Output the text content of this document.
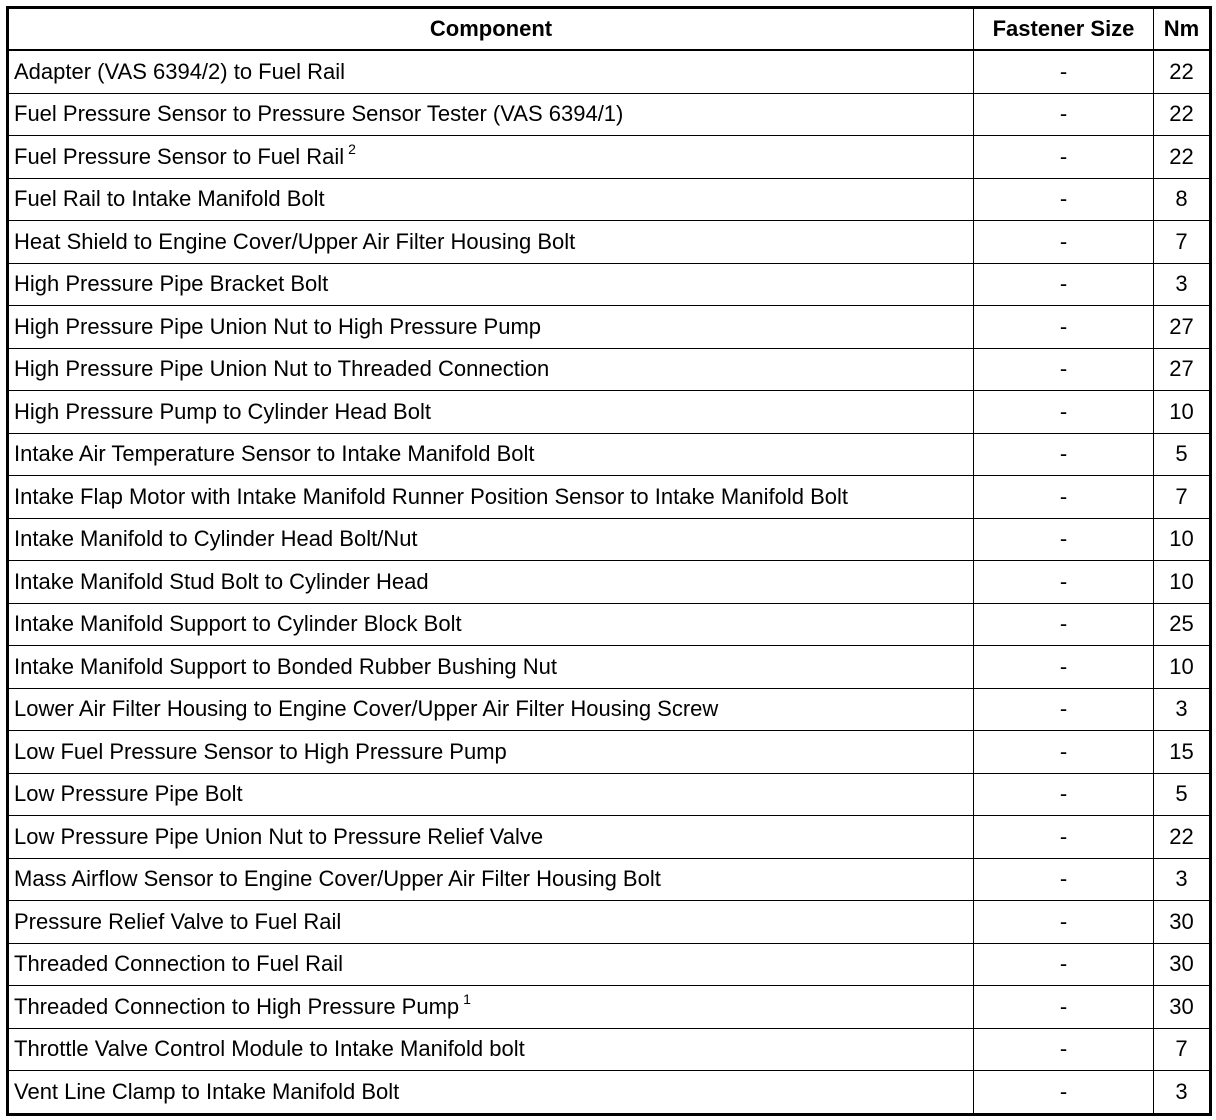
Component	Fastener Size	Nm
Adapter (VAS 6394/2) to Fuel Rail	-	22
Fuel Pressure Sensor to Pressure Sensor Tester (VAS 6394/1)	-	22
Fuel Pressure Sensor to Fuel Rail $^2$	-	22
Fuel Rail to Intake Manifold Bolt	-	8
Heat Shield to Engine Cover/Upper Air Filter Housing Bolt	-	7
High Pressure Pipe Bracket Bolt	-	3
High Pressure Pipe Union Nut to High Pressure Pump	-	27
High Pressure Pipe Union Nut to Threaded Connection	-	27
High Pressure Pump to Cylinder Head Bolt	-	10
Intake Air Temperature Sensor to Intake Manifold Bolt	-	5
Intake Flap Motor with Intake Manifold Runner Position Sensor to Intake Manifold Bolt	-	7
Intake Manifold to Cylinder Head Bolt/Nut	-	10
Intake Manifold Stud Bolt to Cylinder Head	-	10
Intake Manifold Support to Cylinder Block Bolt	-	25
Intake Manifold Support to Bonded Rubber Bushing Nut	-	10
Lower Air Filter Housing to Engine Cover/Upper Air Filter Housing Screw	-	3
Low Fuel Pressure Sensor to High Pressure Pump	-	15
Low Pressure Pipe Bolt	-	5
Low Pressure Pipe Union Nut to Pressure Relief Valve	-	22
Mass Airflow Sensor to Engine Cover/Upper Air Filter Housing Bolt	-	3
Pressure Relief Valve to Fuel Rail	-	30
Threaded Connection to Fuel Rail	-	30
Threaded Connection to High Pressure Pump $^1$	-	30
Throttle Valve Control Module to Intake Manifold bolt	-	7
Vent Line Clamp to Intake Manifold Bolt	-	3
